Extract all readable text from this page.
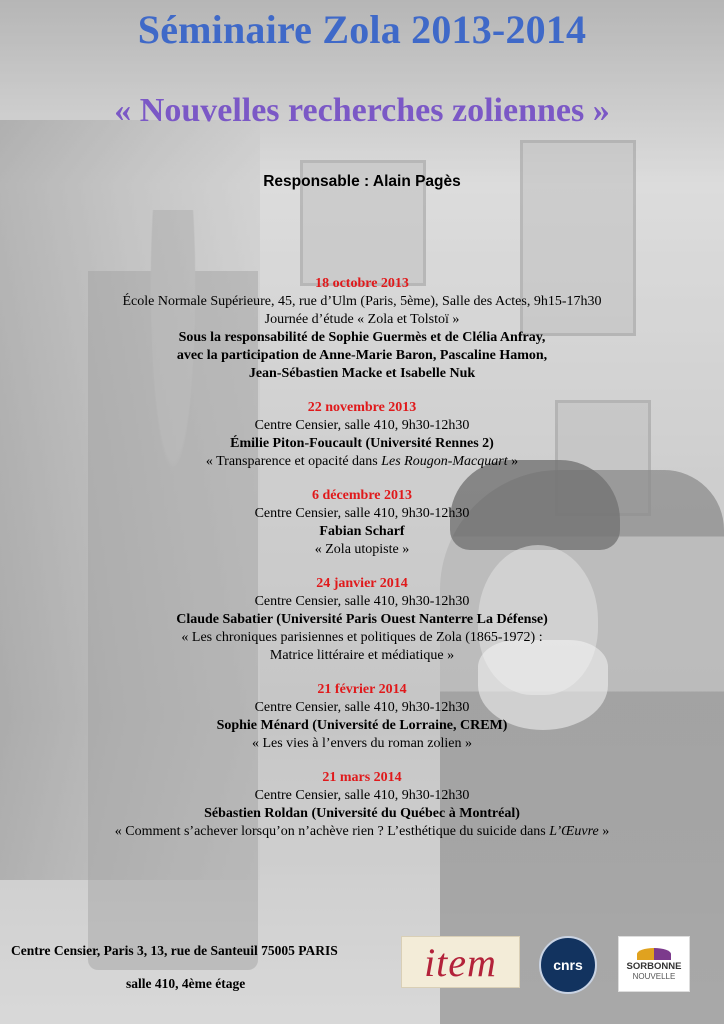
Séminaire Zola 2013-2014
« Nouvelles recherches zoliennes »
Responsable : Alain Pagès
18 octobre 2013
École Normale Supérieure, 45, rue d’Ulm (Paris, 5ème), Salle des Actes, 9h15-17h30
Journée d’étude « Zola et Tolstoï »
Sous la responsabilité de Sophie Guermès et de Clélia Anfray,
avec la participation de Anne-Marie Baron, Pascaline Hamon,
Jean-Sébastien Macke et Isabelle Nuk
22 novembre 2013
Centre Censier, salle 410, 9h30-12h30
Émilie Piton-Foucault (Université Rennes 2)
« Transparence et opacité dans Les Rougon-Macquart »
6 décembre 2013
Centre Censier, salle 410, 9h30-12h30
Fabian Scharf
« Zola utopiste »
24 janvier 2014
Centre Censier, salle 410, 9h30-12h30
Claude Sabatier (Université Paris Ouest Nanterre La Défense)
« Les chroniques parisiennes et politiques de Zola (1865-1972) :
Matrice littéraire et médiatique »
21 février 2014
Centre Censier, salle 410, 9h30-12h30
Sophie Ménard (Université de Lorraine, CREM)
« Les vies à l’envers du roman zolien »
21 mars 2014
Centre Censier, salle 410, 9h30-12h30
Sébastien Roldan (Université du Québec à Montréal)
« Comment s’achever lorsqu’on n’achève rien ? L’esthétique du suicide dans L’Œuvre »
Centre Censier, Paris 3, 13, rue de Santeuil 75005 PARIS
salle 410, 4ème étage	item	cnrs	SORBONNE
NOUVELLE
